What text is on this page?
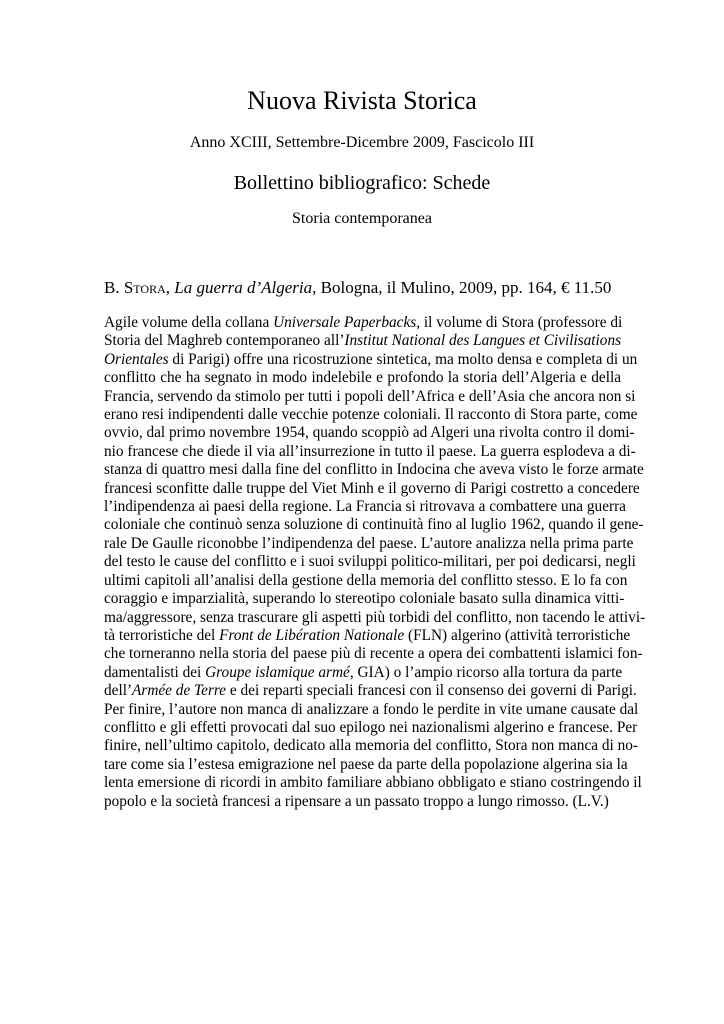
Nuova Rivista Storica
Anno XCIII, Settembre-Dicembre 2009, Fascicolo III
Bollettino bibliografico: Schede
Storia contemporanea
B. Stora, La guerra d’Algeria, Bologna, il Mulino, 2009, pp. 164, € 11.50
Agile volume della collana Universale Paperbacks, il volume di Stora (professore di
Storia del Maghreb contemporaneo all’Institut National des Langues et Civilisations
Orientales di Parigi) offre una ricostruzione sintetica, ma molto densa e completa di un
conflitto che ha segnato in modo indelebile e profondo la storia dell’Algeria e della
Francia, servendo da stimolo per tutti i popoli dell’Africa e dell’Asia che ancora non si
erano resi indipendenti dalle vecchie potenze coloniali. Il racconto di Stora parte, come
ovvio, dal primo novembre 1954, quando scoppiò ad Algeri una rivolta contro il domi-
nio francese che diede il via all’insurrezione in tutto il paese. La guerra esplodeva a di-
stanza di quattro mesi dalla fine del conflitto in Indocina che aveva visto le forze armate
francesi sconfitte dalle truppe del Viet Minh e il governo di Parigi costretto a concedere
l’indipendenza ai paesi della regione. La Francia si ritrovava a combattere una guerra
coloniale che continuò senza soluzione di continuità fino al luglio 1962, quando il gene-
rale De Gaulle riconobbe l’indipendenza del paese. L’autore analizza nella prima parte
del testo le cause del conflitto e i suoi sviluppi politico-militari, per poi dedicarsi, negli
ultimi capitoli all’analisi della gestione della memoria del conflitto stesso. E lo fa con
coraggio e imparzialità, superando lo stereotipo coloniale basato sulla dinamica vitti-
ma/aggressore, senza trascurare gli aspetti più torbidi del conflitto, non tacendo le attivi-
tà terroristiche del Front de Libération Nationale (FLN) algerino (attività terroristiche
che torneranno nella storia del paese più di recente a opera dei combattenti islamici fon-
damentalisti dei Groupe islamique armé, GIA) o l’ampio ricorso alla tortura da parte
dell’Armée de Terre e dei reparti speciali francesi con il consenso dei governi di Parigi.
Per finire, l’autore non manca di analizzare a fondo le perdite in vite umane causate dal
conflitto e gli effetti provocati dal suo epilogo nei nazionalismi algerino e francese. Per
finire, nell’ultimo capitolo, dedicato alla memoria del conflitto, Stora non manca di no-
tare come sia l’estesa emigrazione nel paese da parte della popolazione algerina sia la
lenta emersione di ricordi in ambito familiare abbiano obbligato e stiano costringendo il
popolo e la società francesi a ripensare a un passato troppo a lungo rimosso. (L.V.)
